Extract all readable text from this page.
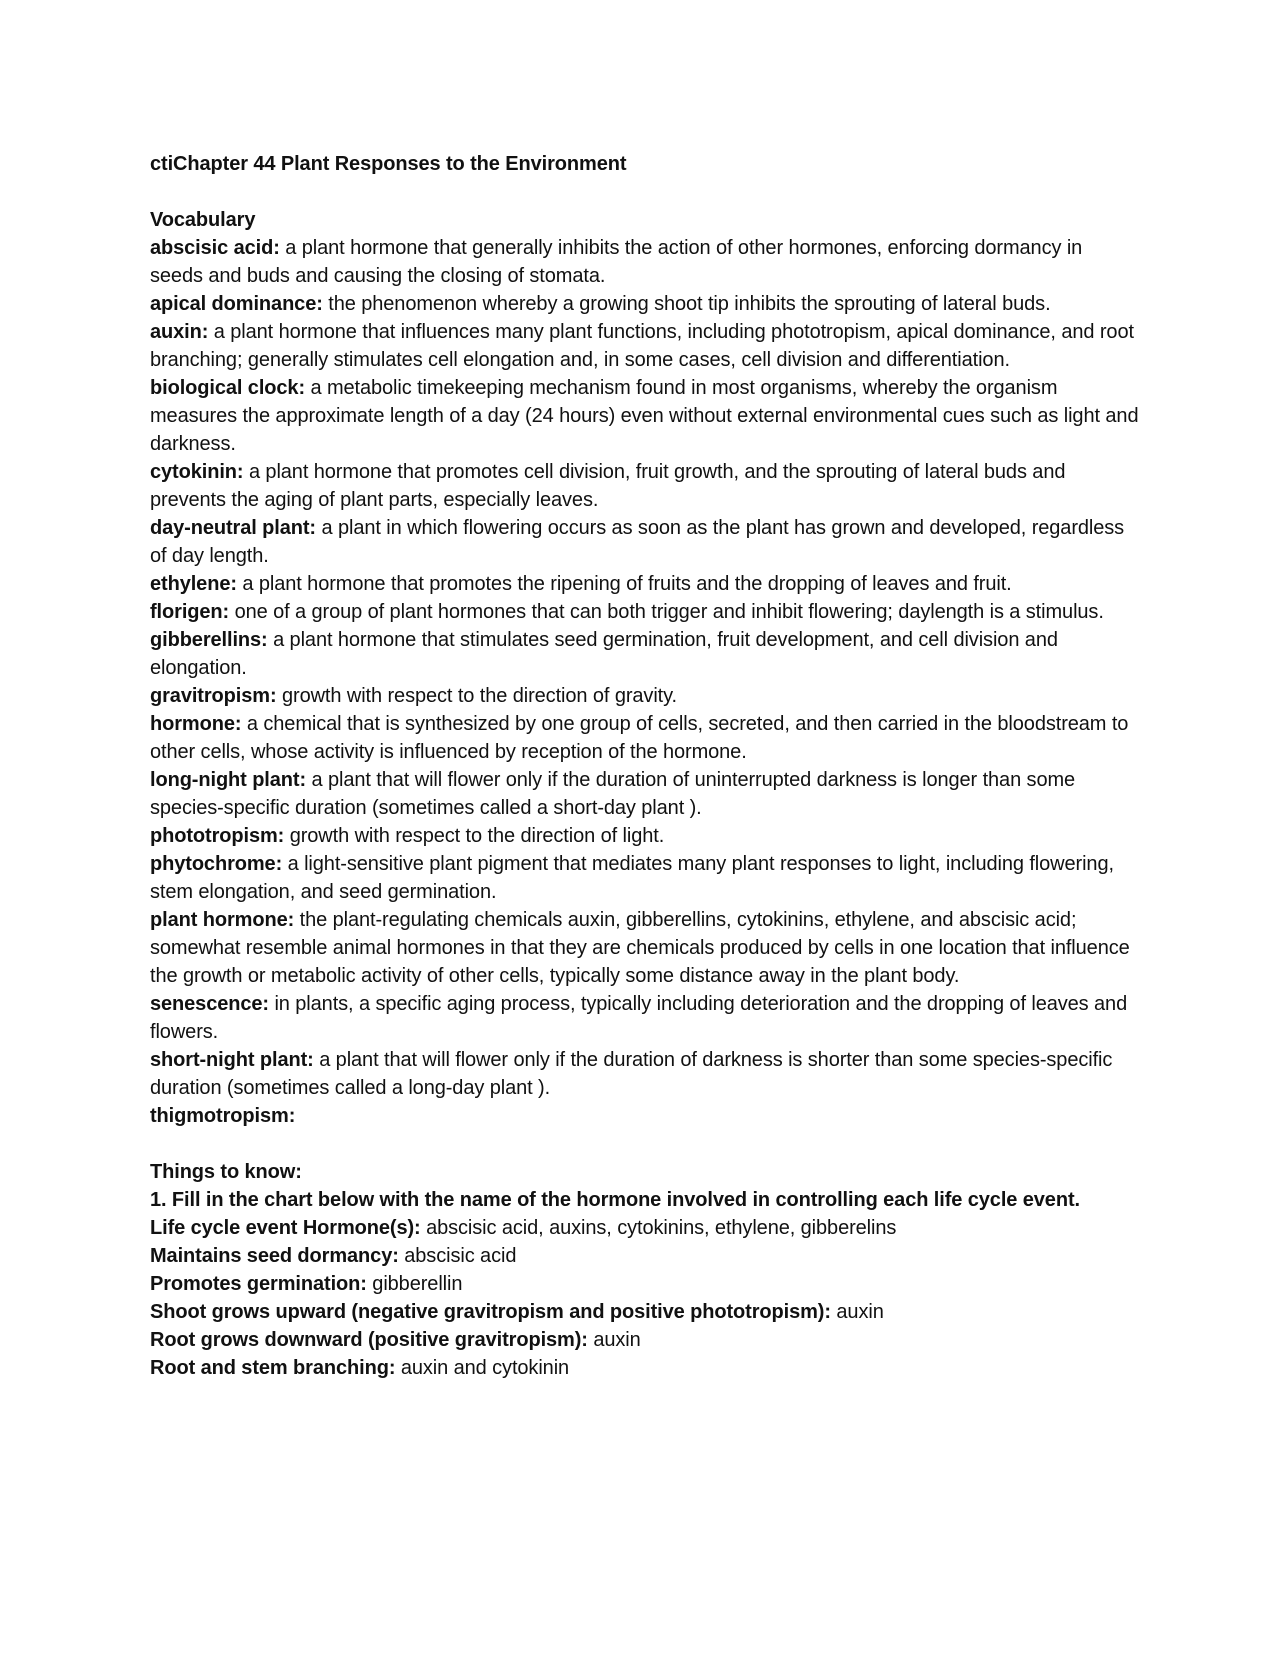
ctiChapter 44 Plant Responses to the Environment

Vocabulary

abscisic acid: a plant hormone that generally inhibits the action of other hormones, enforcing dormancy in seeds and buds and causing the closing of stomata.

apical dominance: the phenomenon whereby a growing shoot tip inhibits the sprouting of lateral buds.

auxin: a plant hormone that influences many plant functions, including phototropism, apical dominance, and root branching; generally stimulates cell elongation and, in some cases, cell division and differentiation.

biological clock: a metabolic timekeeping mechanism found in most organisms, whereby the organism measures the approximate length of a day (24 hours) even without external environmental cues such as light and darkness.

cytokinin: a plant hormone that promotes cell division, fruit growth, and the sprouting of lateral buds and prevents the aging of plant parts, especially leaves.

day-neutral plant: a plant in which flowering occurs as soon as the plant has grown and developed, regardless of day length.

ethylene: a plant hormone that promotes the ripening of fruits and the dropping of leaves and fruit.

florigen: one of a group of plant hormones that can both trigger and inhibit flowering; daylength is a stimulus.

gibberellins: a plant hormone that stimulates seed germination, fruit development, and cell division and elongation.

gravitropism: growth with respect to the direction of gravity.

hormone: a chemical that is synthesized by one group of cells, secreted, and then carried in the bloodstream to other cells, whose activity is influenced by reception of the hormone.

long-night plant: a plant that will flower only if the duration of uninterrupted darkness is longer than some species-specific duration (sometimes called a short-day plant ).

phototropism: growth with respect to the direction of light.

phytochrome: a light-sensitive plant pigment that mediates many plant responses to light, including flowering, stem elongation, and seed germination.

plant hormone: the plant-regulating chemicals auxin, gibberellins, cytokinins, ethylene, and abscisic acid; somewhat resemble animal hormones in that they are chemicals produced by cells in one location that influence the growth or metabolic activity of other cells, typically some distance away in the plant body.

senescence: in plants, a specific aging process, typically including deterioration and the dropping of leaves and flowers.

short-night plant: a plant that will flower only if the duration of darkness is shorter than some species-specific duration (sometimes called a long-day plant ).

thigmotropism:

Things to know:

1. Fill in the chart below with the name of the hormone involved in controlling each life cycle event.

Life cycle event Hormone(s): abscisic acid, auxins, cytokinins, ethylene, gibberelins

Maintains seed dormancy: abscisic acid

Promotes germination: gibberellin

Shoot grows upward (negative gravitropism and positive phototropism): auxin

Root grows downward (positive gravitropism): auxin

Root and stem branching: auxin and cytokinin
